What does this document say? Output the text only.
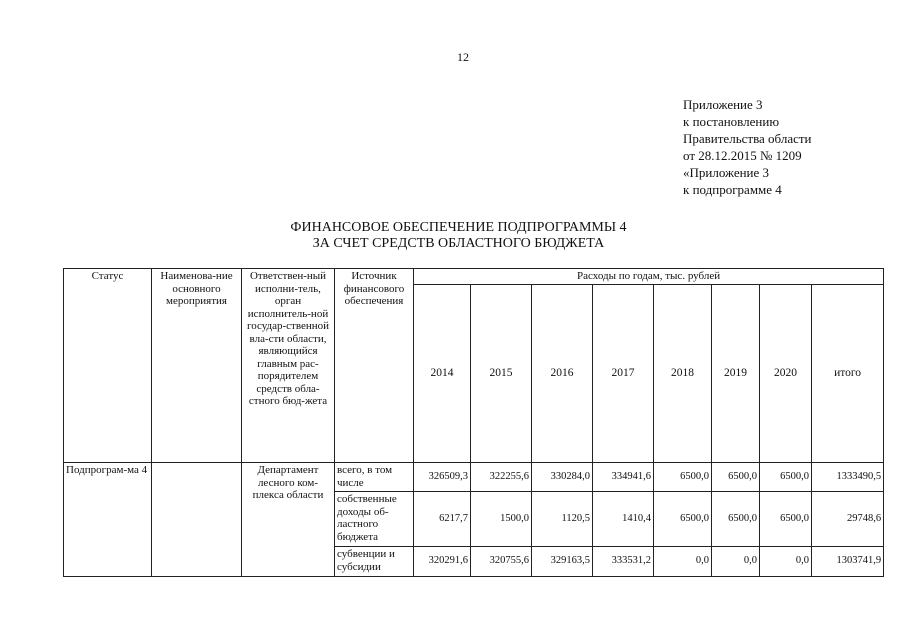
12
Приложение 3
к постановлению
Правительства области
от 28.12.2015 № 1209
«Приложение 3
к подпрограмме 4
ФИНАНСОВОЕ ОБЕСПЕЧЕНИЕ ПОДПРОГРАММЫ 4
ЗА СЧЕТ СРЕДСТВ ОБЛАСТНОГО БЮДЖЕТА
Статус	Наименова-ние основного мероприятия	Ответствен-ный исполни-тель, орган исполнитель-ной государ-ственной вла-сти области, являющийся главным рас-порядителем средств обла-стного бюд-жета	Источник финансового обеспечения	Расходы по годам, тыс. рублей							
				2014	2015	2016	2017	2018	2019	2020	итого
Подпрограм-ма 4		Департамент лесного ком-плекса области	всего, в том числе	326509,3	322255,6	330284,0	334941,6	6500,0	6500,0	6500,0	1333490,5
			собственные доходы об-ластного бюджета	6217,7	1500,0	1120,5	1410,4	6500,0	6500,0	6500,0	29748,6
			субвенции и субсидии	320291,6	320755,6	329163,5	333531,2	0,0	0,0	0,0	1303741,9
